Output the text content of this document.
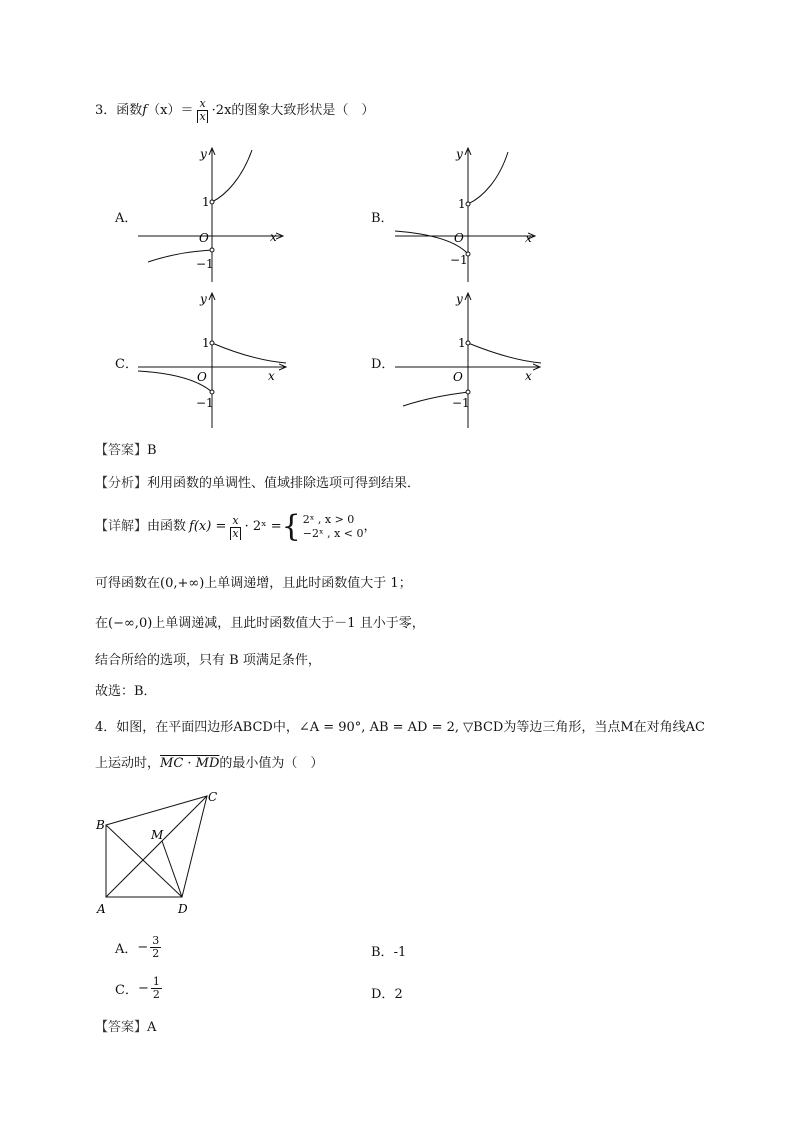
3．函数$f(x)= \frac{x}{x} \cdot 2x$的图象大致形状是（　）
A．
y
x
1
−1
O
B．
y
x
1
−1
O
C．
y
x
1
−1
O
D．
y
x
1
−1
O
【答案】B
【分析】利用函数的单调性、值域排除选项可得到结果．
【详解】 由函数 $f(x) = \frac{x}{x}$ · 2ˣ = { 2ˣ , x > 0
−2ˣ , x < 0 ，
可得函数在(0,+∞)上单调递增，且此时函数值大于 1；
在(−∞,0)上单调递减，且此时函数值大于－1 且小于零，
结合所给的选项，只有 B 项满足条件，
故选：B．
4．如图，在平面四边形ABCD中，∠A = 90°, AB = AD = 2, ▽BCD为等边三角形，当点M在对角线AC
上运动时，MC · MD的最小值为（　）
B
C
A	D
M
A． − $\frac{3}{2}$	B．-1
C． − $\frac{1}{2}$	D．2
【答案】A
